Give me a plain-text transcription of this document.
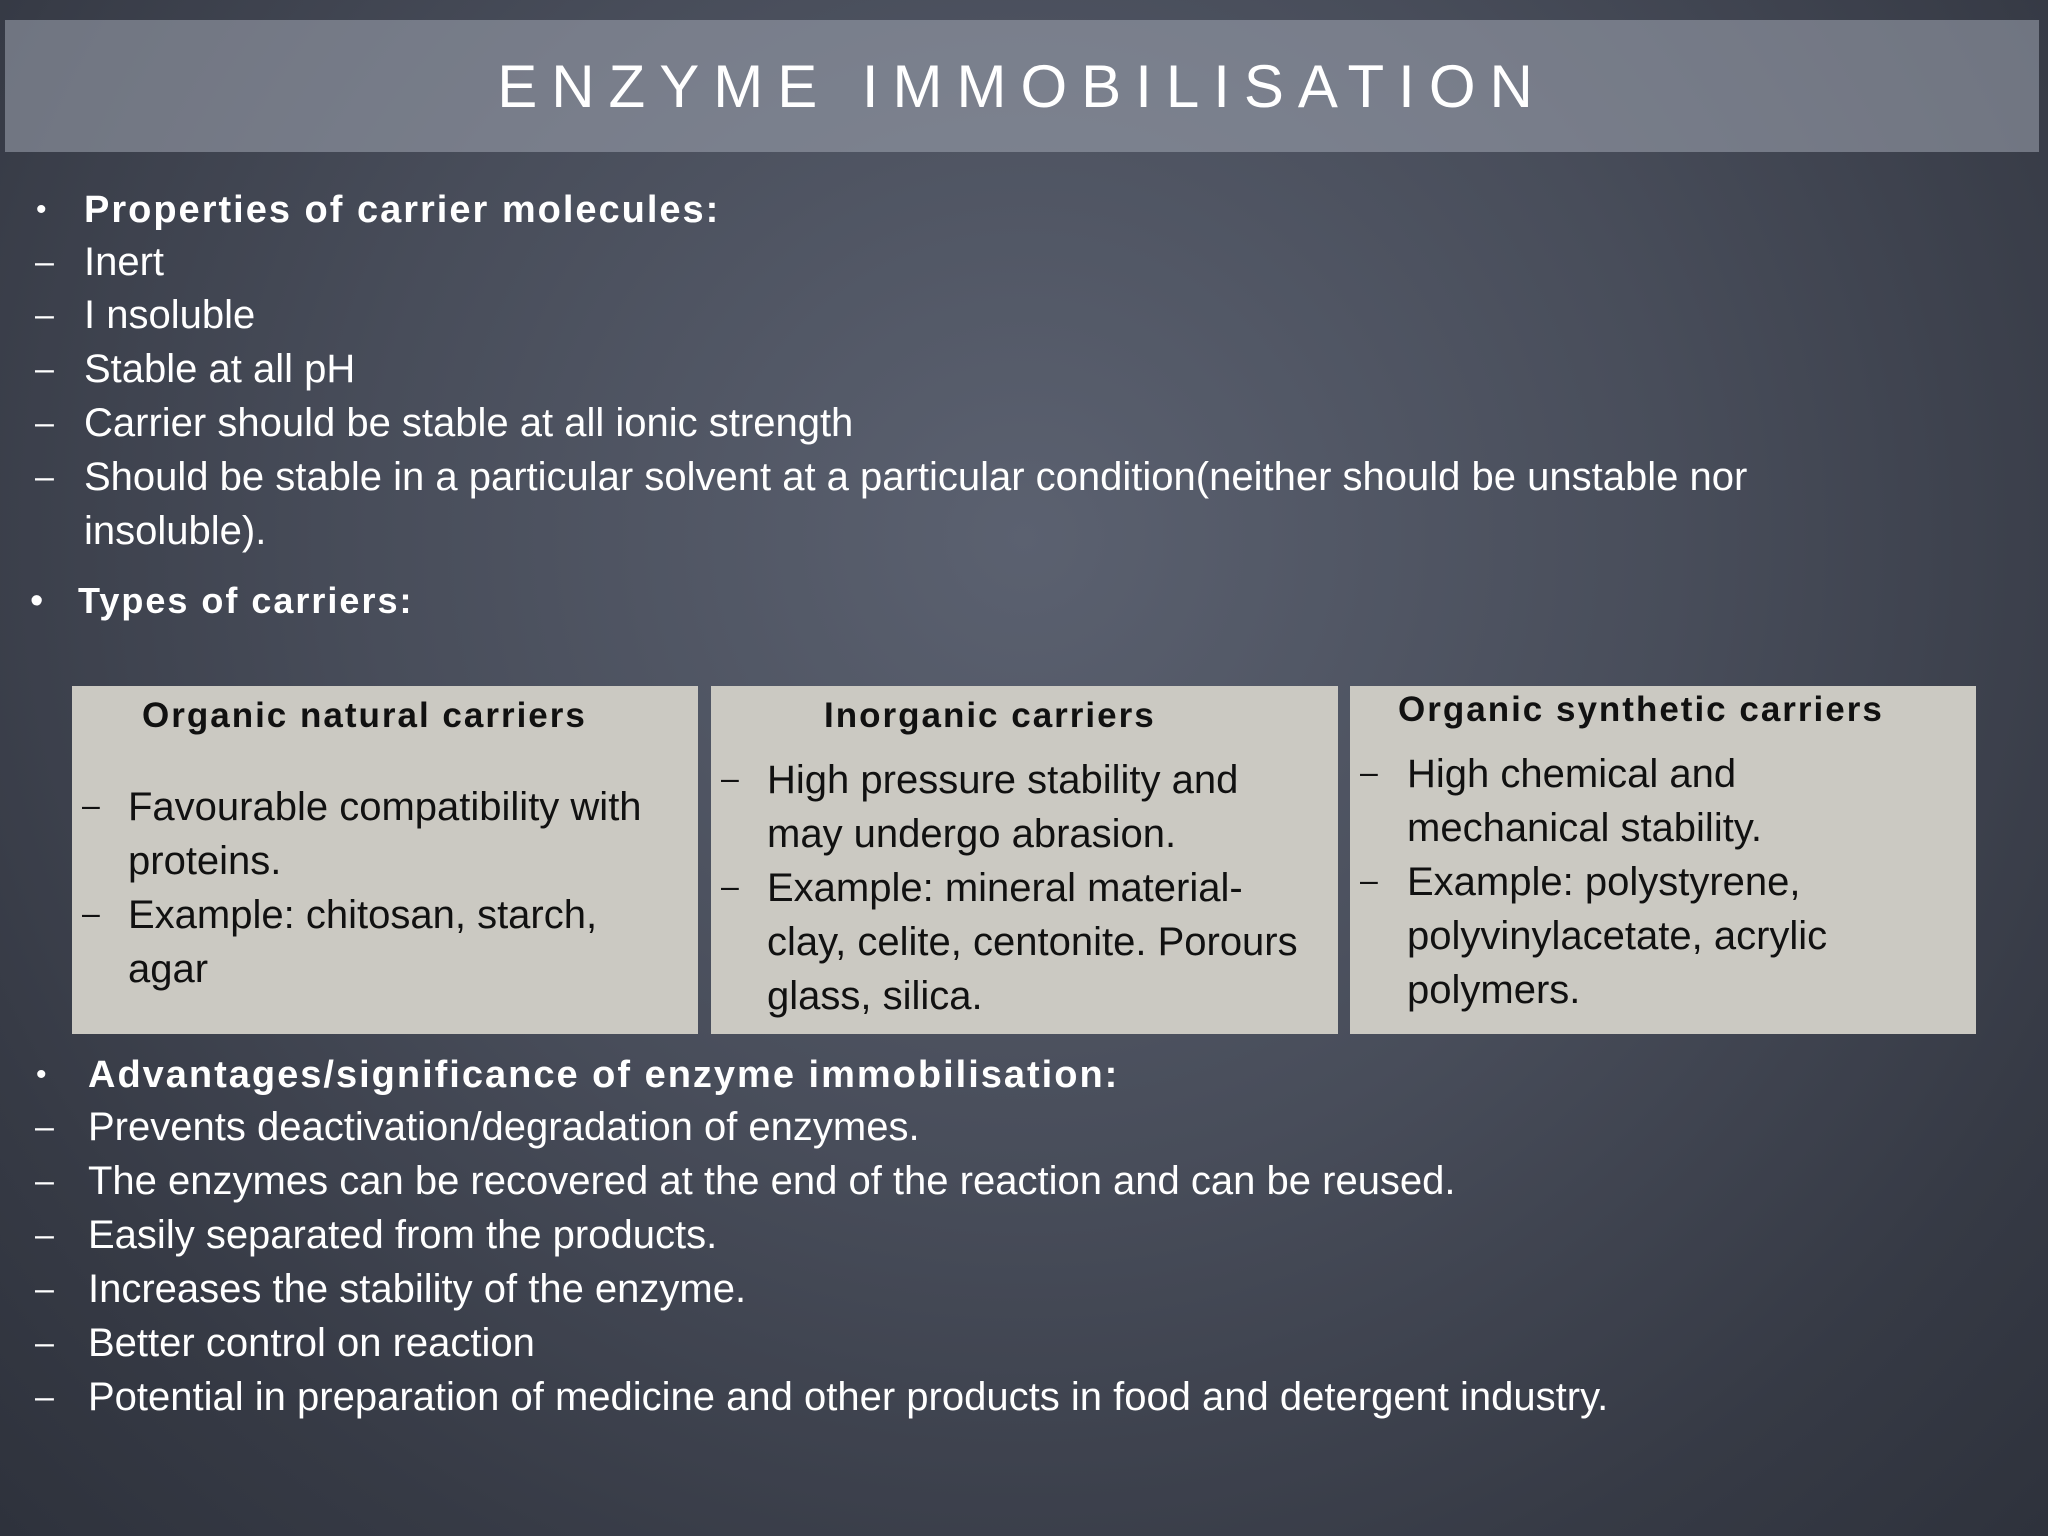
ENZYME IMMOBILISATION
• Properties of carrier molecules:
– Inert
– I nsoluble
– Stable at all pH
– Carrier should be stable at all ionic strength
– Should be stable in a particular solvent at a particular condition(neither should be unstable nor
insoluble).
• Types of carriers:
Organic natural carriers
– Favourable compatibility with
proteins.
– Example: chitosan, starch,
agar
Inorganic carriers
– High pressure stability and
may undergo abrasion.
– Example: mineral material-
clay, celite, centonite. Porours
glass, silica.
Organic synthetic carriers
– High chemical and
mechanical stability.
– Example: polystyrene,
polyvinylacetate, acrylic
polymers.
• Advantages/significance of enzyme immobilisation:
– Prevents deactivation/degradation of enzymes.
– The enzymes can be recovered at the end of the reaction and can be reused.
– Easily separated from the products.
– Increases the stability of the enzyme.
– Better control on reaction
– Potential in preparation of medicine and other products in food and detergent industry.
